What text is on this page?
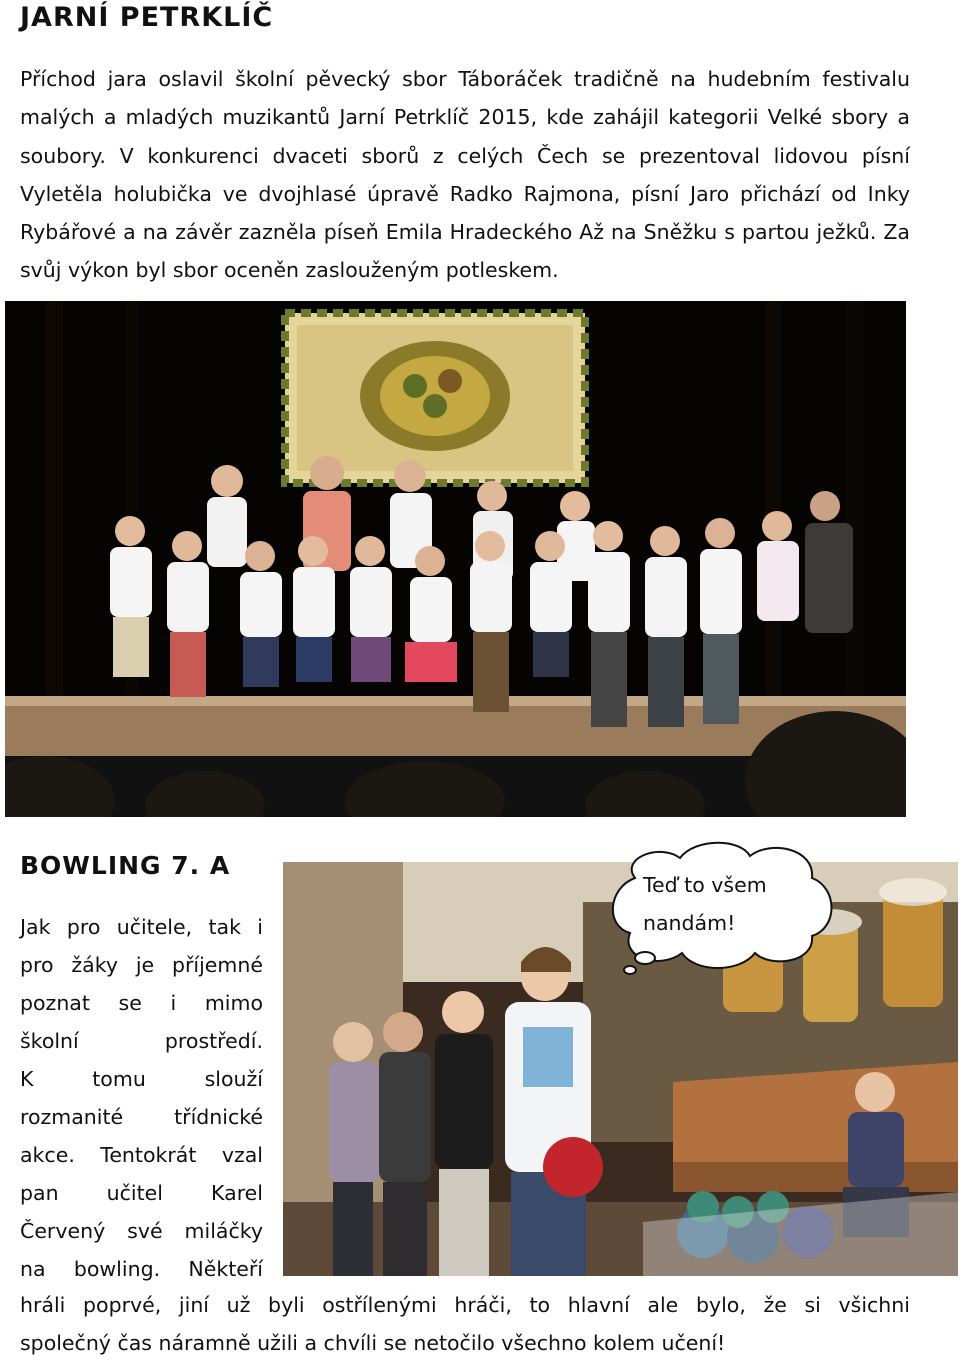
JARNÍ PETRKLÍČ

Příchod jara oslavil školní pěvecký sbor Táboráček tradičně na hudebním festivalu malých a mladých muzikantů Jarní Petrklíč 2015, kde zahájil kategorii Velké sbory a soubory. V konkurenci dvaceti sborů z celých Čech se prezentoval lidovou písní Vyletěla holubička ve dvojhlasé úpravě Radko Rajmona, písní Jaro přichází od Inky Rybářové a na závěr zazněla píseň Emila Hradeckého Až na Sněžku s partou ježků. Za svůj výkon byl sbor oceněn zaslouženým potleskem.

BOWLING 7. A
Jak pro učitele, tak i
pro žáky je příjemné
poznat se i mimo
školní prostředí.
K tomu slouží
rozmanité třídnické
akce. Tentokrát vzal
pan učitel Karel
Červený své miláčky
na bowling. Někteří
Teď to všem
nandám!
hráli poprvé, jiní už byli ostřílenými hráči, to hlavní ale bylo, že si všichni
společný čas náramně užili a chvíli se netočilo všechno kolem učení!
